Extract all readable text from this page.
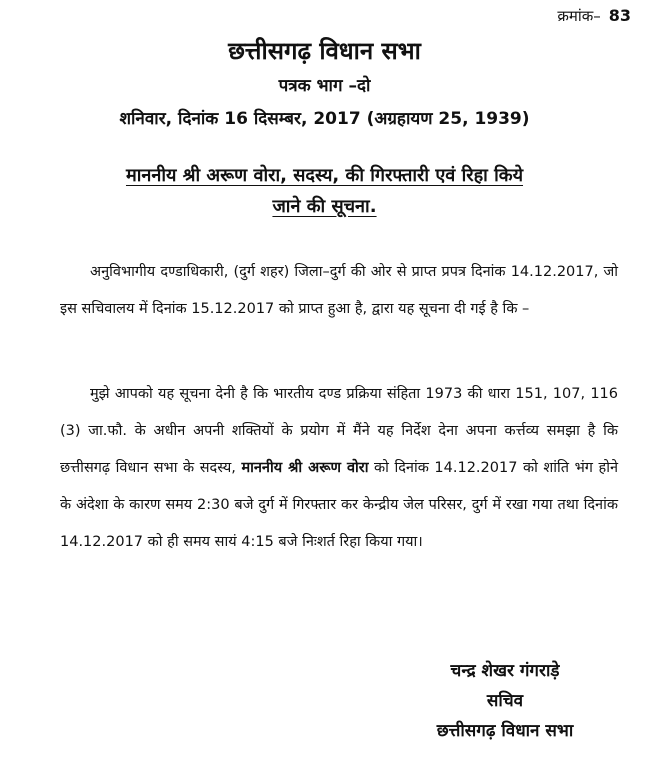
क्रमांक– 83
छत्तीसगढ़ विधान सभा
पत्रक भाग –दो
शनिवार, दिनांक 16 दिसम्बर, 2017 (अग्रहायण 25, 1939)
माननीय श्री अरूण वोरा, सदस्य, की गिरफ्तारी एवं रिहा किये
जाने की सूचना.
अनुविभागीय दण्डाधिकारी, (दुर्ग शहर) जिला–दुर्ग की ओर से प्राप्त प्रपत्र दिनांक 14.12.2017, जो इस सचिवालय में दिनांक 15.12.2017 को प्राप्त हुआ है, द्वारा यह सूचना दी गई है कि –
मुझे आपको यह सूचना देनी है कि भारतीय दण्ड प्रक्रिया संहिता 1973 की धारा 151, 107, 116 (3) जा.फौ. के अधीन अपनी शक्तियों के प्रयोग में मैंने यह निर्देश देना अपना कर्त्तव्य समझा है कि छत्तीसगढ़ विधान सभा के सदस्य, माननीय श्री अरूण वोरा को दिनांक 14.12.2017 को शांति भंग होने के अंदेशा के कारण समय 2:30 बजे दुर्ग में गिरफ्तार कर केन्द्रीय जेल परिसर, दुर्ग में रखा गया तथा दिनांक 14.12.2017 को ही समय सायं 4:15 बजे निःशर्त रिहा किया गया।
चन्द्र शेखर गंगराड़े
सचिव
छत्तीसगढ़ विधान सभा
